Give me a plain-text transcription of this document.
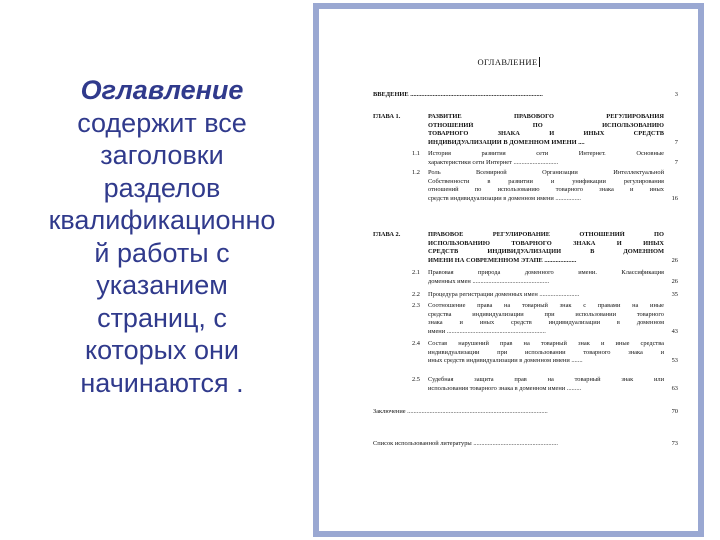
Оглавление
содержит все
заголовки
разделов
квалификационно
й работы с
указанием
страниц, с
которых они
начинаются .
ОГЛАВЛЕНИЕ
ВВЕДЕНИЕ ...................................................................................	3
ГЛАВА 1.	РАЗВИТИЕ ПРАВОВОГО РЕГУЛИРОВАНИЯ
ОТНОШЕНИЙ ПО ИСПОЛЬЗОВАНИЮ
ТОВАРНОГО ЗНАКА И ИНЫХ СРЕДСТВ
ИНДИВИДУАЛИЗАЦИИ В ДОМЕННОМ ИМЕНИ ....	7
1.1 История развития сети Интернет. Основные
характеристики сети Интернет ............................	7
1.2 Роль Всемирной Организации Интеллектуальной
Собственности в развитии и унификации регулирования
отношений по использованию товарного знака и иных
средств индивидуализации в доменном имени ................	16
ГЛАВА 2.	ПРАВОВОЕ РЕГУЛИРОВАНИЕ ОТНОШЕНИЙ ПО
ИСПОЛЬЗОВАНИЮ ТОВАРНОГО ЗНАКА И ИНЫХ
СРЕДСТВ ИНДИВИДУАЛИЗАЦИИ В ДОМЕННОМ
ИМЕНИ НА СОВРЕМЕННОМ ЭТАПЕ ....................	26
2.1 Правовая природа доменного имени. Классификация
доменных имен ................................................	26
2.2 Процедура регистрации доменных имен .........................	35
2.3 Соотношение права на товарный знак с правами на иные
средства индивидуализации при использовании товарного
знака и иных средств индивидуализации в доменном
имени ..............................................................	43
2.4 Состав нарушений прав на товарный знак и иные средства
индивидуализации при использовании товарного знака и
иных средств индивидуализации в доменном имени .......	53
2.5 Судебная защита прав на товарный знак или
использования товарного знака в доменном имени .........	63
Заключение ........................................................................................	70
Список использованной литературы .....................................................	73
